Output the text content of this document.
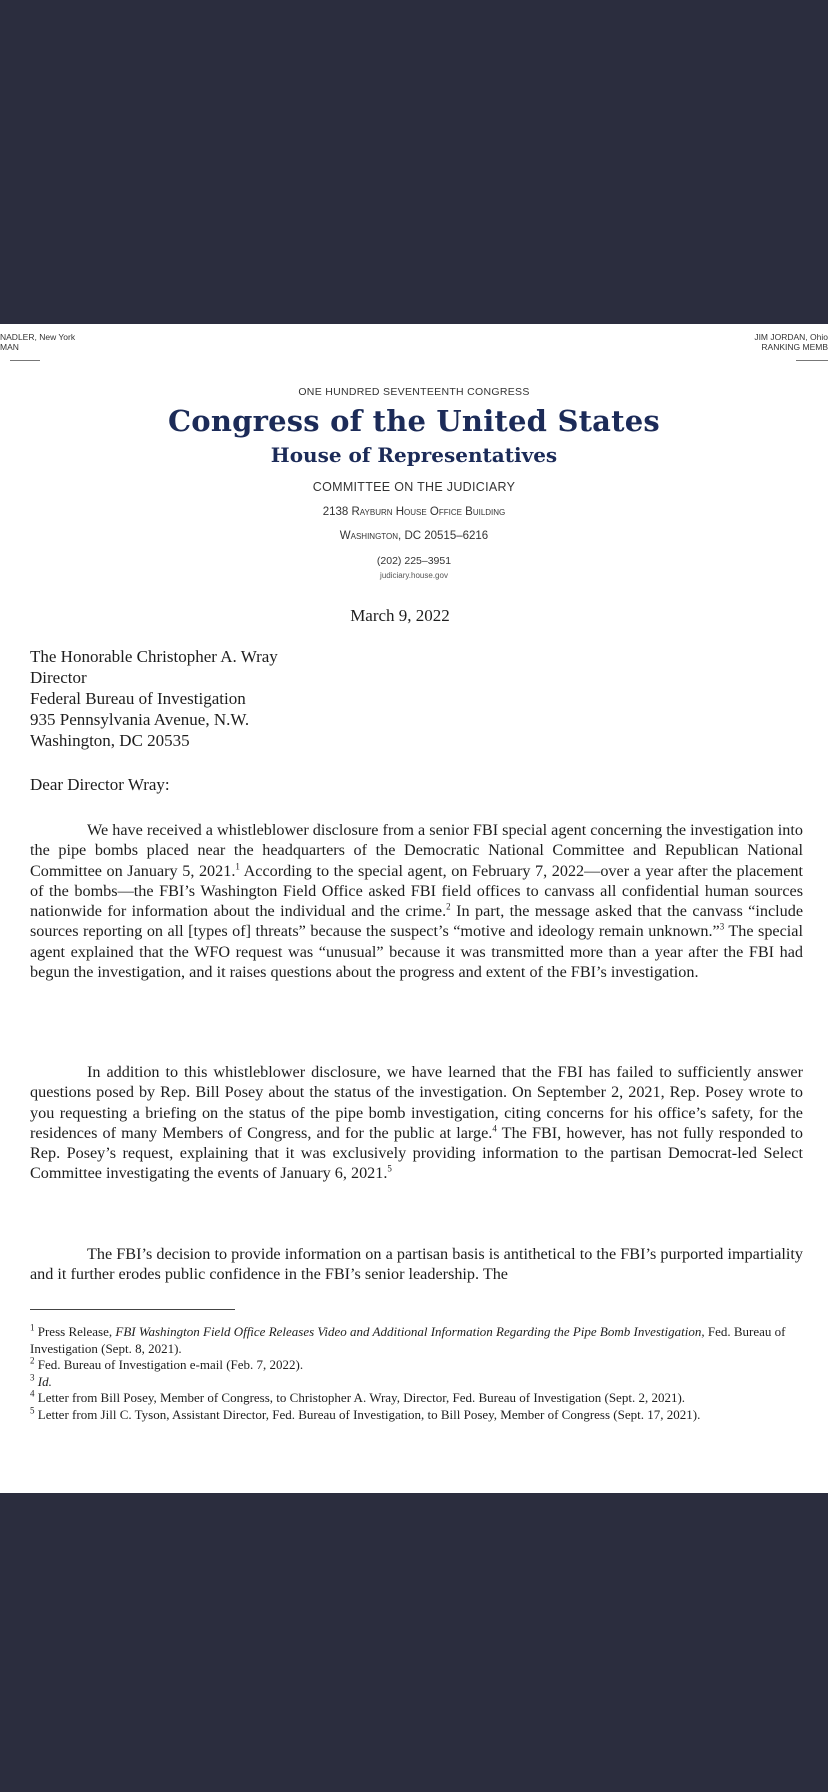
NADLER, New York
MAN
JIM JORDAN, Ohio
RANKING MEMB
ONE HUNDRED SEVENTEENTH CONGRESS
Congress of the United States
House of Representatives
COMMITTEE ON THE JUDICIARY
2138 Rayburn House Office Building
Washington, DC 20515–6216
(202) 225–3951
judiciary.house.gov
March 9, 2022
The Honorable Christopher A. Wray
Director
Federal Bureau of Investigation
935 Pennsylvania Avenue, N.W.
Washington, DC 20535
Dear Director Wray:

We have received a whistleblower disclosure from a senior FBI special agent concerning the investigation into the pipe bombs placed near the headquarters of the Democratic National Committee and Republican National Committee on January 5, 2021.$^1$ According to the special agent, on February 7, 2022—over a year after the placement of the bombs—the FBI’s Washington Field Office asked FBI field offices to canvass all confidential human sources nationwide for information about the individual and the crime.$^2$ In part, the message asked that the canvass “include sources reporting on all [types of] threats” because the suspect’s “motive and ideology remain unknown.”$^3$ The special agent explained that the WFO request was “unusual” because it was transmitted more than a year after the FBI had begun the investigation, and it raises questions about the progress and extent of the FBI’s investigation.

In addition to this whistleblower disclosure, we have learned that the FBI has failed to sufficiently answer questions posed by Rep. Bill Posey about the status of the investigation. On September 2, 2021, Rep. Posey wrote to you requesting a briefing on the status of the pipe bomb investigation, citing concerns for his office’s safety, for the residences of many Members of Congress, and for the public at large.$^4$ The FBI, however, has not fully responded to Rep. Posey’s request, explaining that it was exclusively providing information to the partisan Democrat-led Select Committee investigating the events of January 6, 2021.$^5$

The FBI’s decision to provide information on a partisan basis is antithetical to the FBI’s purported impartiality and it further erodes public confidence in the FBI’s senior leadership. The

$^1$ Press Release, FBI Washington Field Office Releases Video and Additional Information Regarding the Pipe Bomb Investigation, Fed. Bureau of Investigation (Sept. 8, 2021).

$^2$ Fed. Bureau of Investigation e-mail (Feb. 7, 2022).

$^3$ Id.

$^4$ Letter from Bill Posey, Member of Congress, to Christopher A. Wray, Director, Fed. Bureau of Investigation (Sept. 2, 2021).

$^5$ Letter from Jill C. Tyson, Assistant Director, Fed. Bureau of Investigation, to Bill Posey, Member of Congress (Sept. 17, 2021).
